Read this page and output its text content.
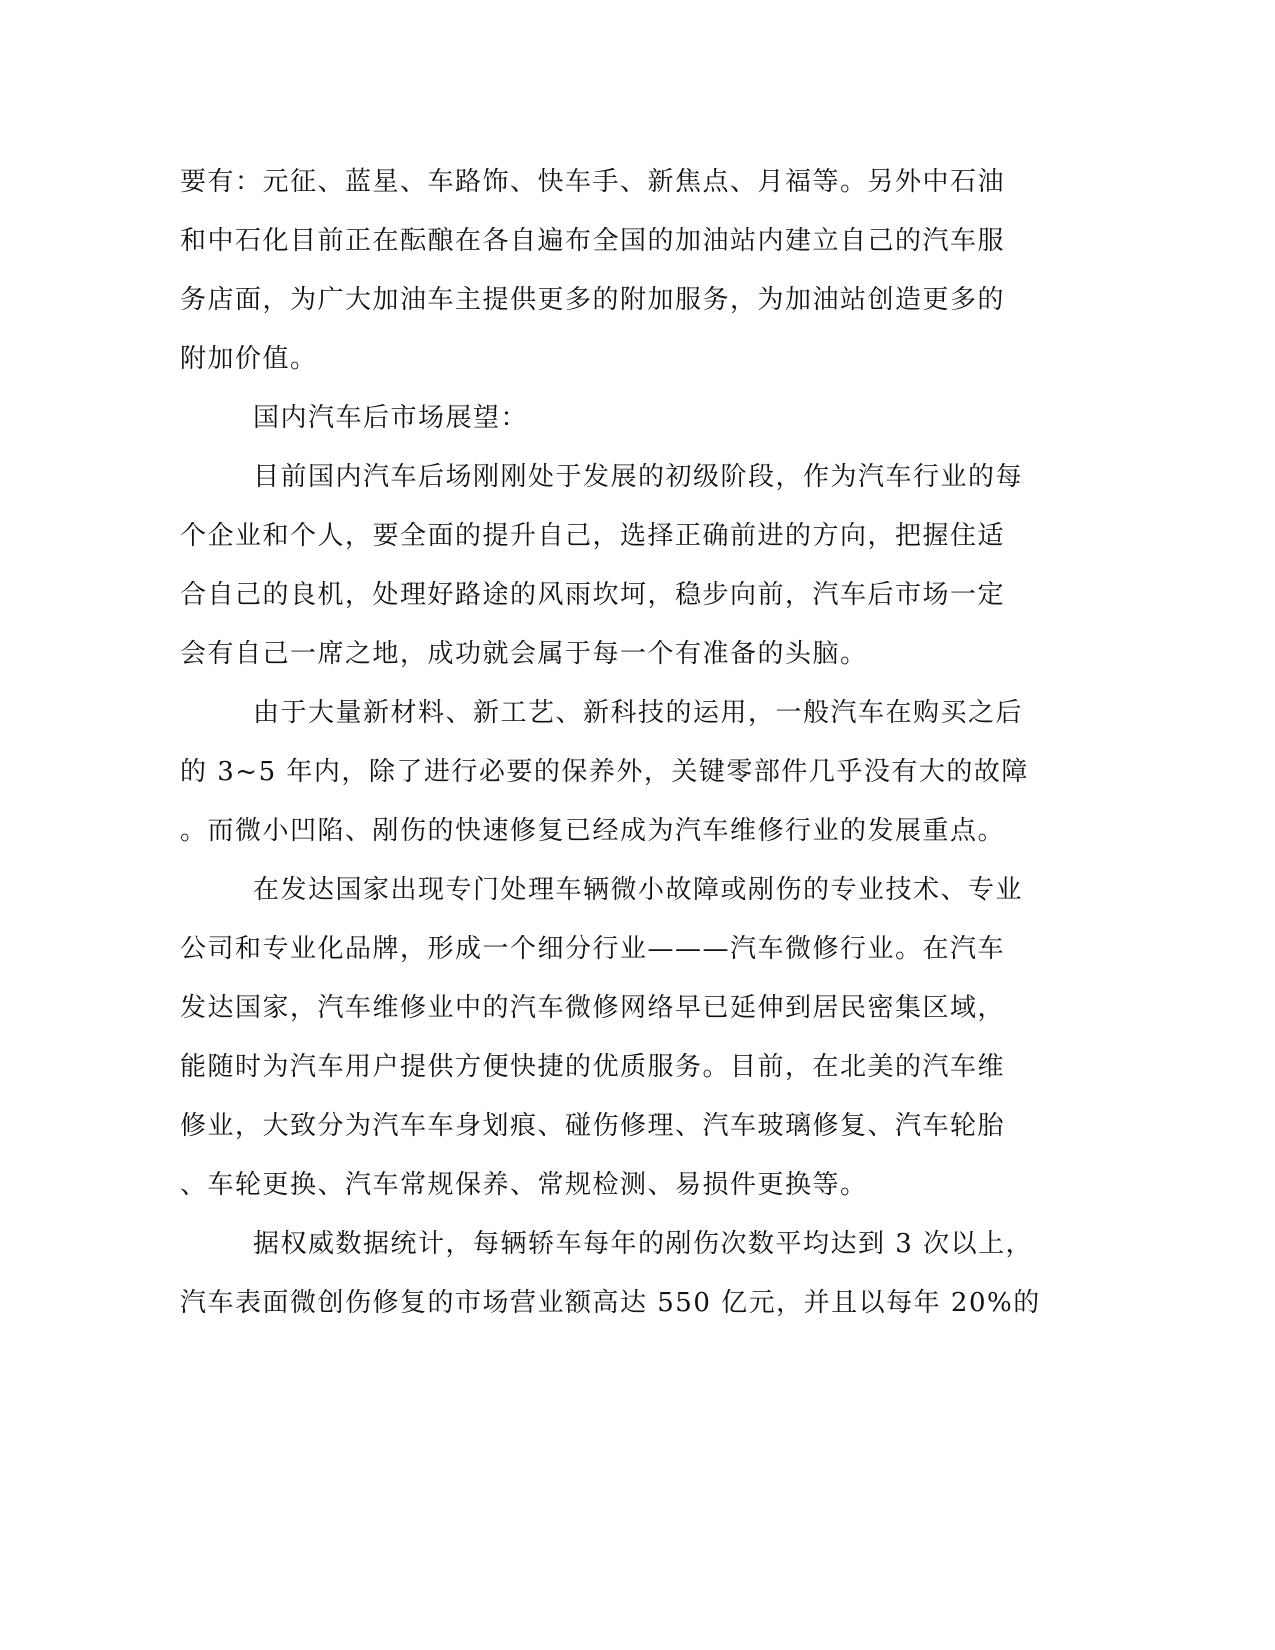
要有：元征、蓝星、车路饰、快车手、新焦点、月福等。另外中石油
和中石化目前正在酝酿在各自遍布全国的加油站内建立自己的汽车服
务店面，为广大加油车主提供更多的附加服务，为加油站创造更多的
附加价值。
国内汽车后市场展望：
目前国内汽车后场刚刚处于发展的初级阶段，作为汽车行业的每
个企业和个人，要全面的提升自己，选择正确前进的方向，把握住适
合自己的良机，处理好路途的风雨坎坷，稳步向前，汽车后市场一定
会有自己一席之地，成功就会属于每一个有准备的头脑。
由于大量新材料、新工艺、新科技的运用，一般汽车在购买之后
的 3~5 年内，除了进行必要的保养外，关键零部件几乎没有大的故障
。而微小凹陷、剐伤的快速修复已经成为汽车维修行业的发展重点。
在发达国家出现专门处理车辆微小故障或剐伤的专业技术、专业
公司和专业化品牌，形成一个细分行业———汽车微修行业。在汽车
发达国家，汽车维修业中的汽车微修网络早已延伸到居民密集区域，
能随时为汽车用户提供方便快捷的优质服务。目前，在北美的汽车维
修业，大致分为汽车车身划痕、碰伤修理、汽车玻璃修复、汽车轮胎
、车轮更换、汽车常规保养、常规检测、易损件更换等。
据权威数据统计，每辆轿车每年的剐伤次数平均达到 3 次以上，
汽车表面微创伤修复的市场营业额高达 550 亿元，并且以每年 20%的
